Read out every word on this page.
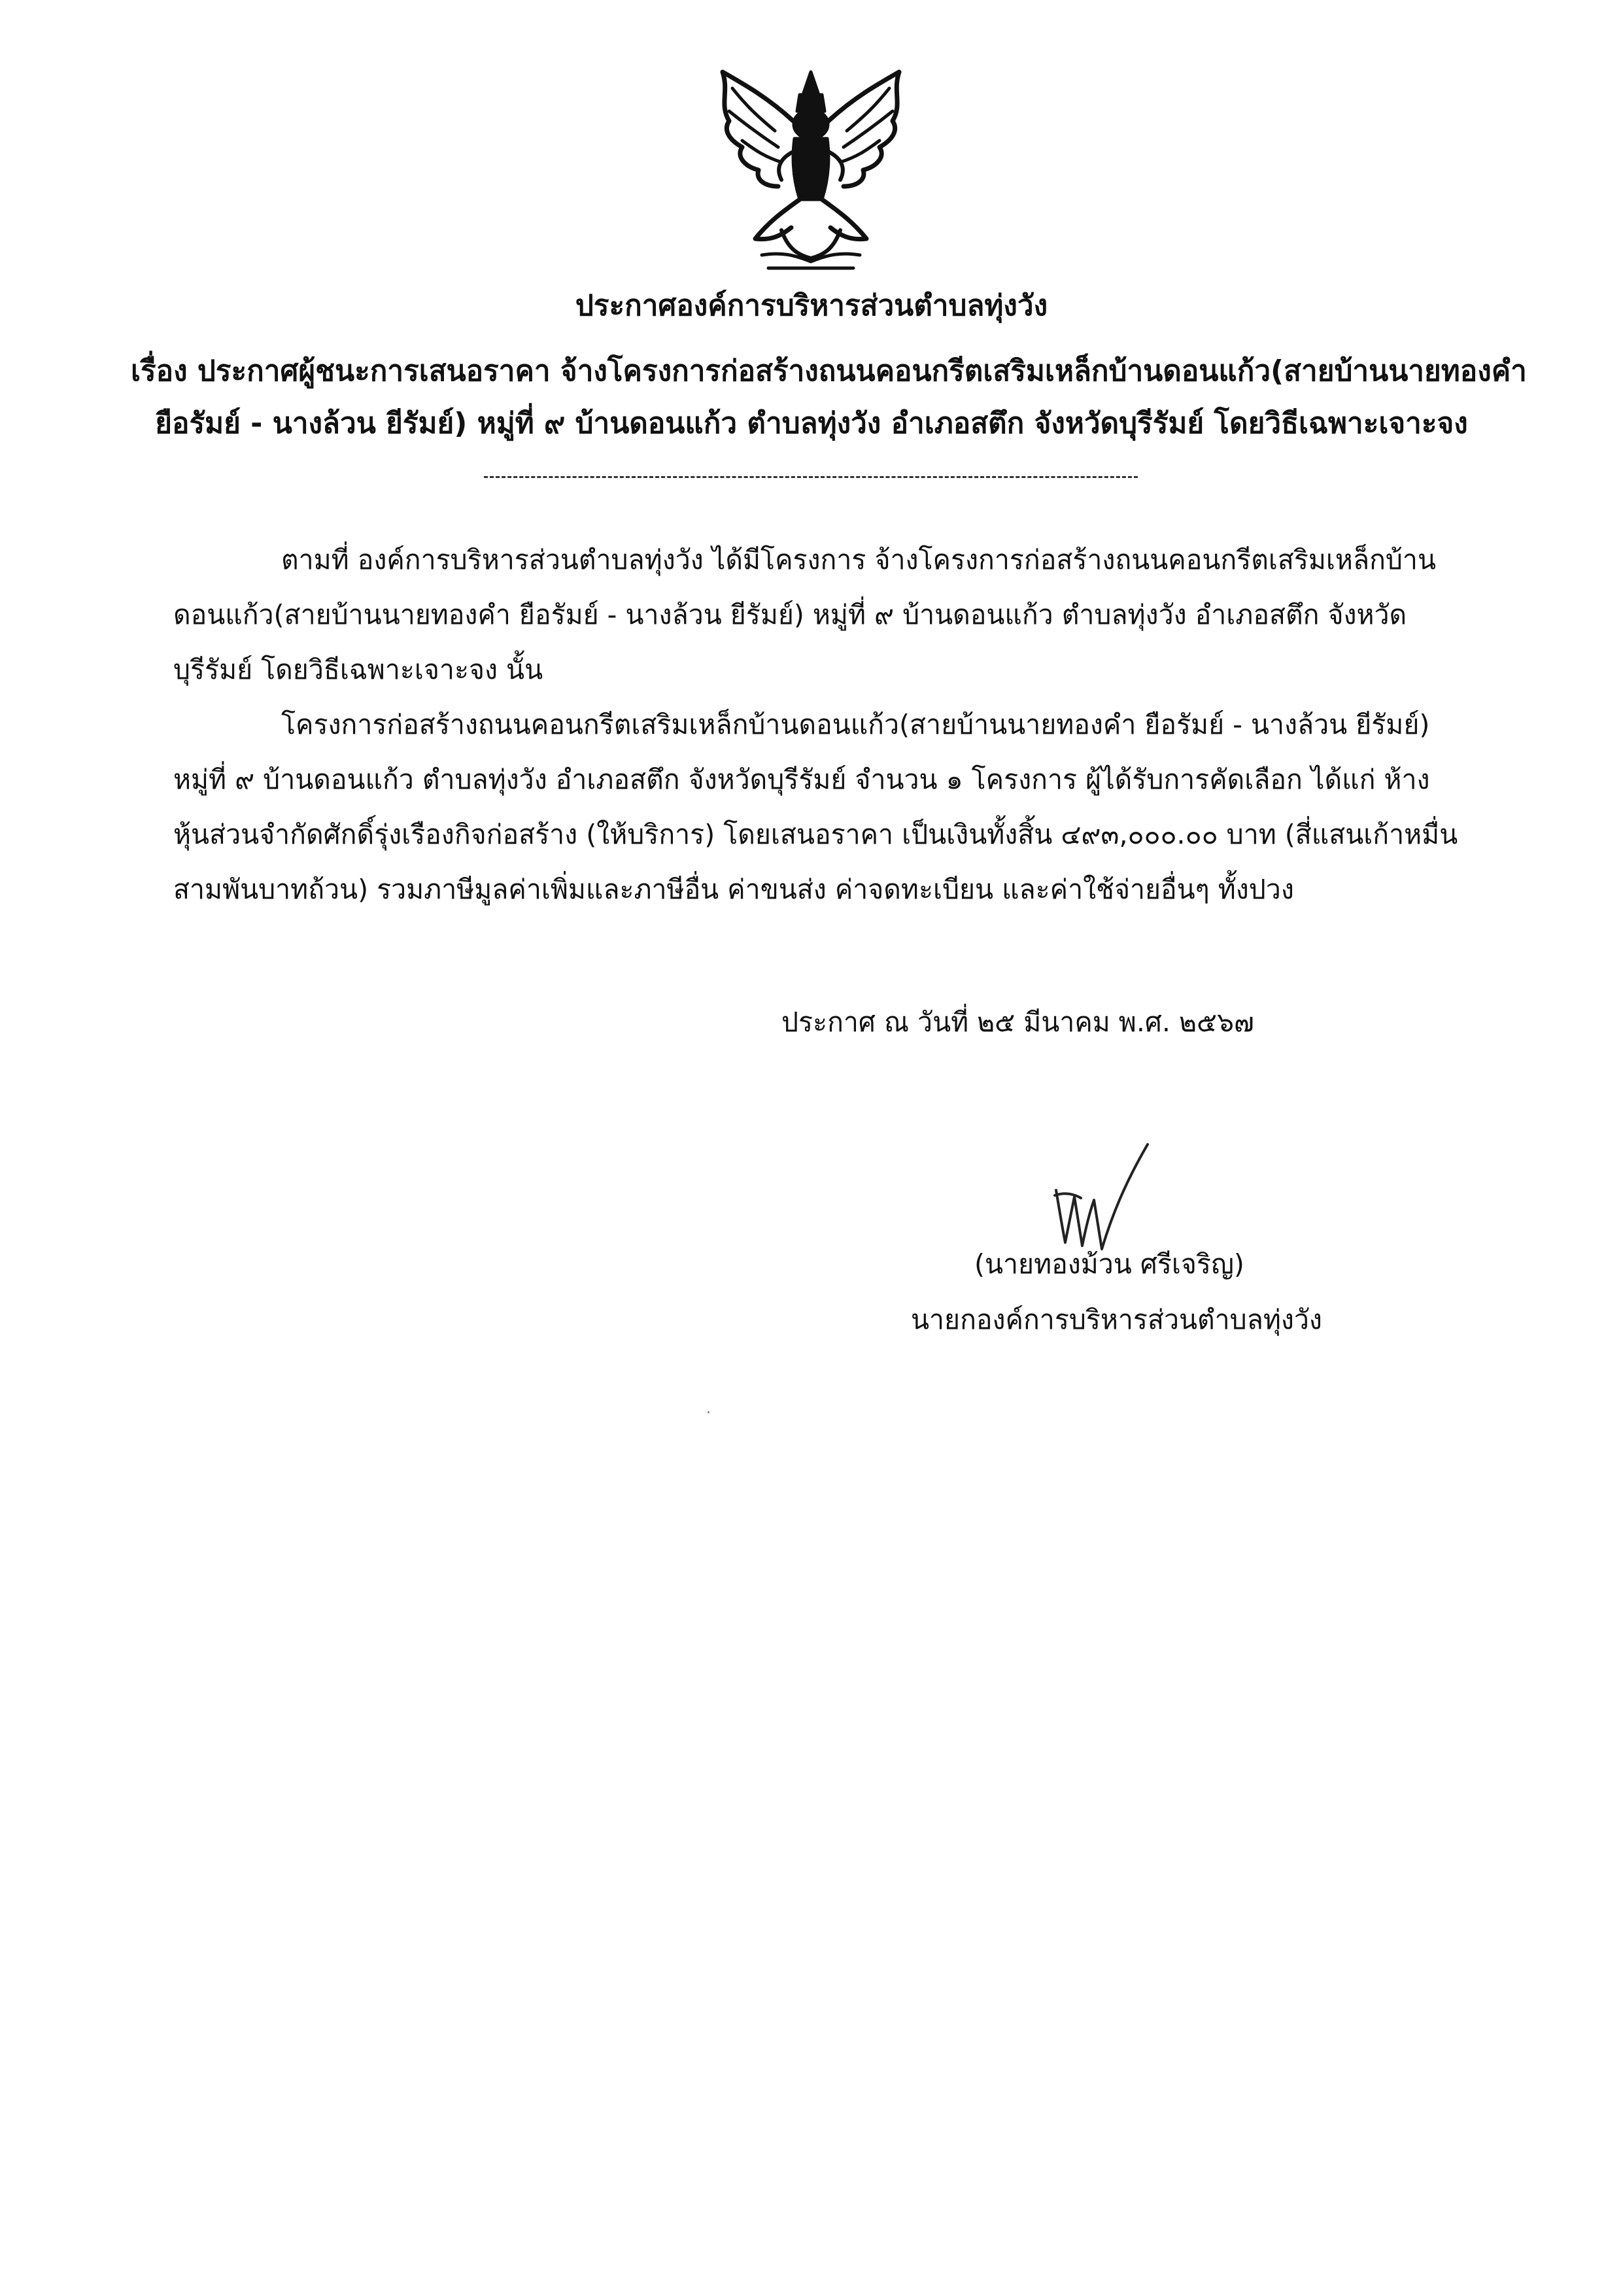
ประกาศองค์การบริหารส่วนตำบลทุ่งวัง
เรื่อง ประกาศผู้ชนะการเสนอราคา จ้างโครงการก่อสร้างถนนคอนกรีตเสริมเหล็กบ้านดอนแก้ว(สายบ้านนายทองคำ
ยือรัมย์ - นางล้วน ยีรัมย์) หมู่ที่ ๙ บ้านดอนแก้ว ตำบลทุ่งวัง อำเภอสตึก จังหวัดบุรีรัมย์ โดยวิธีเฉพาะเจาะจง
ตามที่ องค์การบริหารส่วนตำบลทุ่งวัง ได้มีโครงการ จ้างโครงการก่อสร้างถนนคอนกรีตเสริมเหล็กบ้าน
ดอนแก้ว(สายบ้านนายทองคำ ยือรัมย์ - นางล้วน ยีรัมย์) หมู่ที่ ๙ บ้านดอนแก้ว ตำบลทุ่งวัง อำเภอสตึก จังหวัด
บุรีรัมย์ โดยวิธีเฉพาะเจาะจง นั้น
โครงการก่อสร้างถนนคอนกรีตเสริมเหล็กบ้านดอนแก้ว(สายบ้านนายทองคำ ยือรัมย์ - นางล้วน ยีรัมย์)
หมู่ที่ ๙ บ้านดอนแก้ว ตำบลทุ่งวัง อำเภอสตึก จังหวัดบุรีรัมย์ จำนวน ๑ โครงการ ผู้ได้รับการคัดเลือก ได้แก่ ห้าง
หุ้นส่วนจำกัดศักดิ์รุ่งเรืองกิจก่อสร้าง (ให้บริการ) โดยเสนอราคา เป็นเงินทั้งสิ้น ๔๙๓,๐๐๐.๐๐ บาท (สี่แสนเก้าหมื่น
สามพันบาทถ้วน) รวมภาษีมูลค่าเพิ่มและภาษีอื่น ค่าขนส่ง ค่าจดทะเบียน และค่าใช้จ่ายอื่นๆ ทั้งปวง
ประกาศ ณ วันที่ ๒๕ มีนาคม พ.ศ. ๒๕๖๗
(นายทองม้วน ศรีเจริญ)
นายกองค์การบริหารส่วนตำบลทุ่งวัง
